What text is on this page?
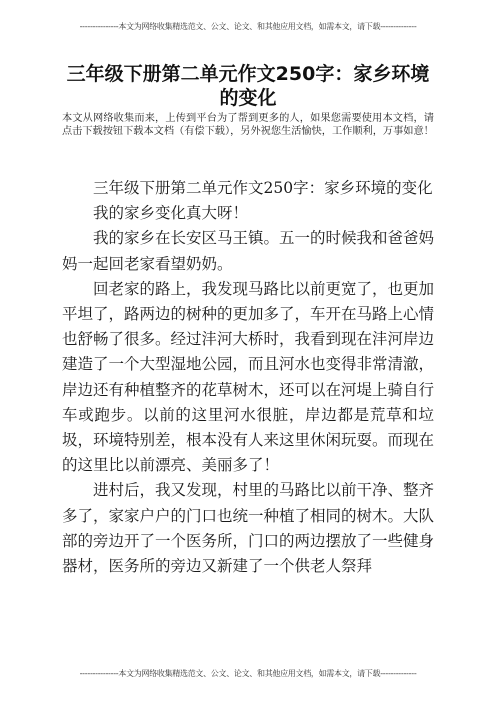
---------------本文为网络收集精选范文、公文、论文、和其他应用文档，如需本文，请下载--------------
三年级下册第二单元作文250字：家乡环境的变化
本文从网络收集而来，上传到平台为了帮到更多的人，如果您需要使用本文档，请点击下载按钮下载本文档（有偿下载），另外祝您生活愉快，工作顺利，万事如意！

三年级下册第二单元作文250字：家乡环境的变化

我的家乡变化真大呀！

我的家乡在长安区马王镇。五一的时候我和爸爸妈妈一起回老家看望奶奶。

回老家的路上，我发现马路比以前更宽了，也更加平坦了，路两边的树种的更加多了，车开在马路上心情也舒畅了很多。经过沣河大桥时，我看到现在沣河岸边建造了一个大型湿地公园，而且河水也变得非常清澈，岸边还有种植整齐的花草树木，还可以在河堤上骑自行车或跑步。以前的这里河水很脏，岸边都是荒草和垃圾，环境特别差，根本没有人来这里休闲玩耍。而现在的这里比以前漂亮、美丽多了！

进村后，我又发现，村里的马路比以前干净、整齐多了，家家户户的门口也统一种植了相同的树木。大队部的旁边开了一个医务所，门口的两边摆放了一些健身器材，医务所的旁边又新建了一个供老人祭拜

---------------本文为网络收集精选范文、公文、论文、和其他应用文档，如需本文，请下载--------------
